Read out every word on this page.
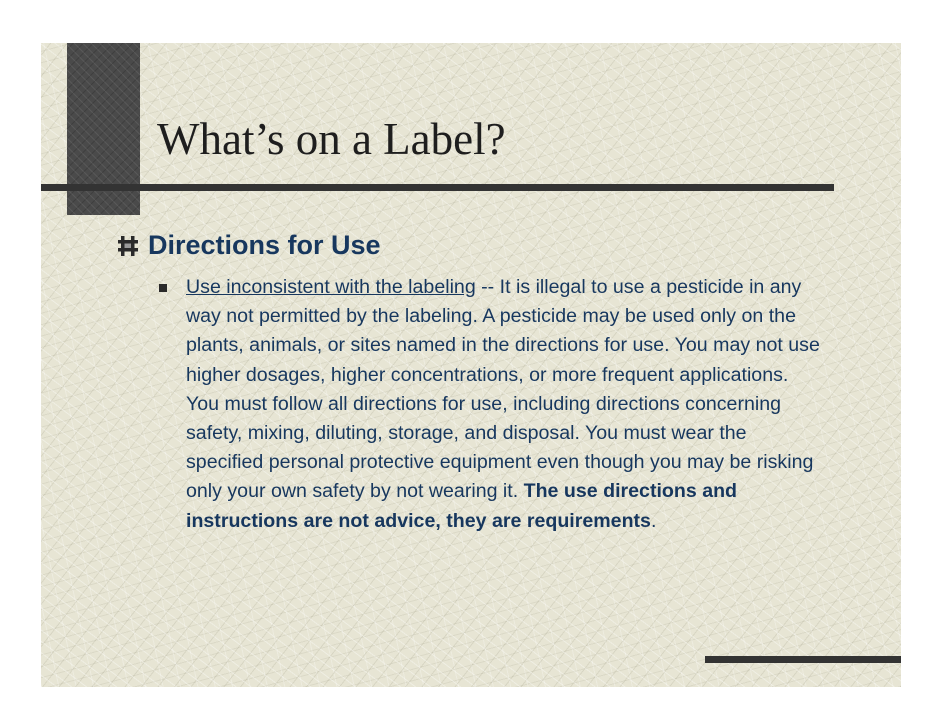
What’s on a Label?
Directions for Use

Use inconsistent with the labeling -- It is illegal to use a pesticide in any way not permitted by the labeling. A pesticide may be used only on the plants, animals, or sites named in the directions for use. You may not use higher dosages, higher concentrations, or more frequent applications. You must follow all directions for use, including directions concerning safety, mixing, diluting, storage, and disposal. You must wear the specified personal protective equipment even though you may be risking only your own safety by not wearing it. The use directions and instructions are not advice, they are requirements.
